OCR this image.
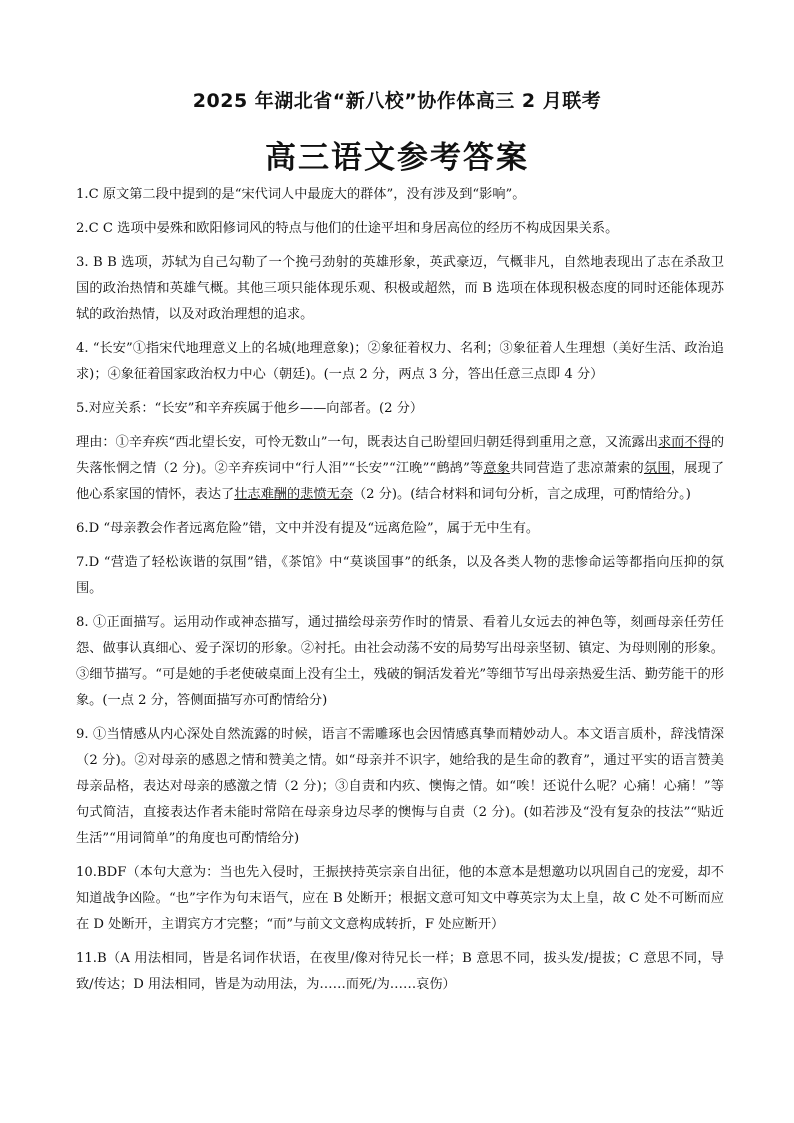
2025 年湖北省“新八校”协作体高三 2 月联考
高三语文参考答案

1.C 原文第二段中提到的是“宋代词人中最庞大的群体”，没有涉及到“影响”。

2.C C 选项中晏殊和欧阳修词风的特点与他们的仕途平坦和身居高位的经历不构成因果关系。

3. B B 选项，苏轼为自己勾勒了一个挽弓劲射的英雄形象，英武豪迈，气概非凡，自然地表现出了志在杀敌卫国的政治热情和英雄气概。其他三项只能体现乐观、积极或超然，而 B 选项在体现积极态度的同时还能体现苏轼的政治热情，以及对政治理想的追求。

4. “长安”①指宋代地理意义上的名城(地理意象)；②象征着权力、名利；③象征着人生理想（美好生活、政治追求)；④象征着国家政治权力中心（朝廷)。(一点 2 分，两点 3 分，答出任意三点即 4 分）

5.对应关系：“长安”和辛弃疾属于他乡——向部者。(2 分）

理由：①辛弃疾“西北望长安，可怜无数山”一句，既表达自己盼望回归朝廷得到重用之意，又流露出求而不得的失落怅惘之情（2 分)。②辛弃疾词中“行人泪”“长安”“江晚”“鹧鸪”等意象共同营造了悲凉萧索的氛围，展现了他心系家国的情怀，表达了壮志难酬的悲愤无奈（2 分)。(结合材料和词句分析，言之成理，可酌情给分。)

6.D “母亲教会作者远离危险”错，文中并没有提及“远离危险”，属于无中生有。

7.D “营造了轻松诙谐的氛围”错，《茶馆》中“莫谈国事”的纸条，以及各类人物的悲惨命运等都指向压抑的氛围。

8. ①正面描写。运用动作或神态描写，通过描绘母亲劳作时的情景、看着儿女远去的神色等，刻画母亲任劳任怨、做事认真细心、爱子深切的形象。②衬托。由社会动荡不安的局势写出母亲坚韧、镇定、为母则刚的形象。③细节描写。“可是她的手老使破桌面上没有尘土，残破的铜活发着光”等细节写出母亲热爱生活、勤劳能干的形象。(一点 2 分，答侧面描写亦可酌情给分)

9. ①当情感从内心深处自然流露的时候，语言不需雕琢也会因情感真挚而精妙动人。本文语言质朴，辞浅情深（2 分)。②对母亲的感恩之情和赞美之情。如“母亲并不识字，她给我的是生命的教育”，通过平实的语言赞美母亲品格，表达对母亲的感激之情（2 分)；③自责和内疚、懊悔之情。如“唉！还说什么呢？心痛！心痛！”等句式简洁，直接表达作者未能时常陪在母亲身边尽孝的懊悔与自责（2 分)。(如若涉及“没有复杂的技法”“贴近生活”“用词简单”的角度也可酌情给分)

10.BDF（本句大意为：当也先入侵时，王振挟持英宗亲自出征，他的本意本是想邀功以巩固自己的宠爱，却不知道战争凶险。“也”字作为句末语气，应在 B 处断开；根据文意可知文中尊英宗为太上皇，故 C 处不可断而应在 D 处断开，主谓宾方才完整；“而”与前文文意构成转折，F 处应断开）

11.B（A 用法相同，皆是名词作状语，在夜里/像对待兄长一样；B 意思不同，拔头发/提拔；C 意思不同，导致/传达；D 用法相同，皆是为动用法，为……而死/为……哀伤）
